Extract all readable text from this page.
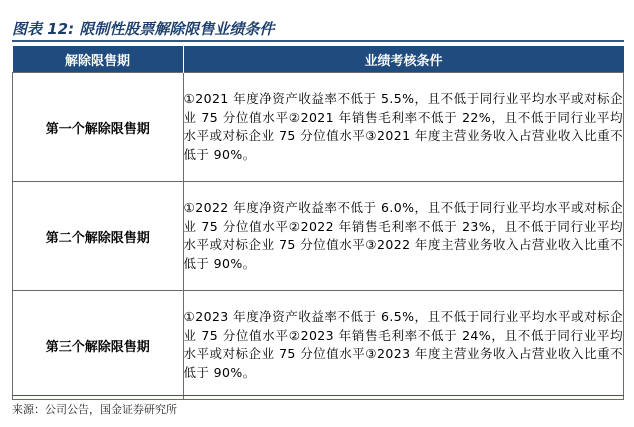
图表 12: 限制性股票解除限售业绩条件
解除限售期	业绩考核条件
第一个解除限售期	①2021 年度净资产收益率不低于 5.5%，且不低于同行业平均水平或对标企业 75 分位值水平②2021 年销售毛利率不低于 22%，且不低于同行业平均水平或对标企业 75 分位值水平③2021 年度主营业务收入占营业收入比重不低于 90%。
第二个解除限售期	①2022 年度净资产收益率不低于 6.0%，且不低于同行业平均水平或对标企业 75 分位值水平②2022 年销售毛利率不低于 23%，且不低于同行业平均水平或对标企业 75 分位值水平③2022 年度主营业务收入占营业收入比重不低于 90%。
第三个解除限售期	①2023 年度净资产收益率不低于 6.5%，且不低于同行业平均水平或对标企业 75 分位值水平②2023 年销售毛利率不低于 24%，且不低于同行业平均水平或对标企业 75 分位值水平③2023 年度主营业务收入占营业收入比重不低于 90%。
来源：公司公告，国金证券研究所
